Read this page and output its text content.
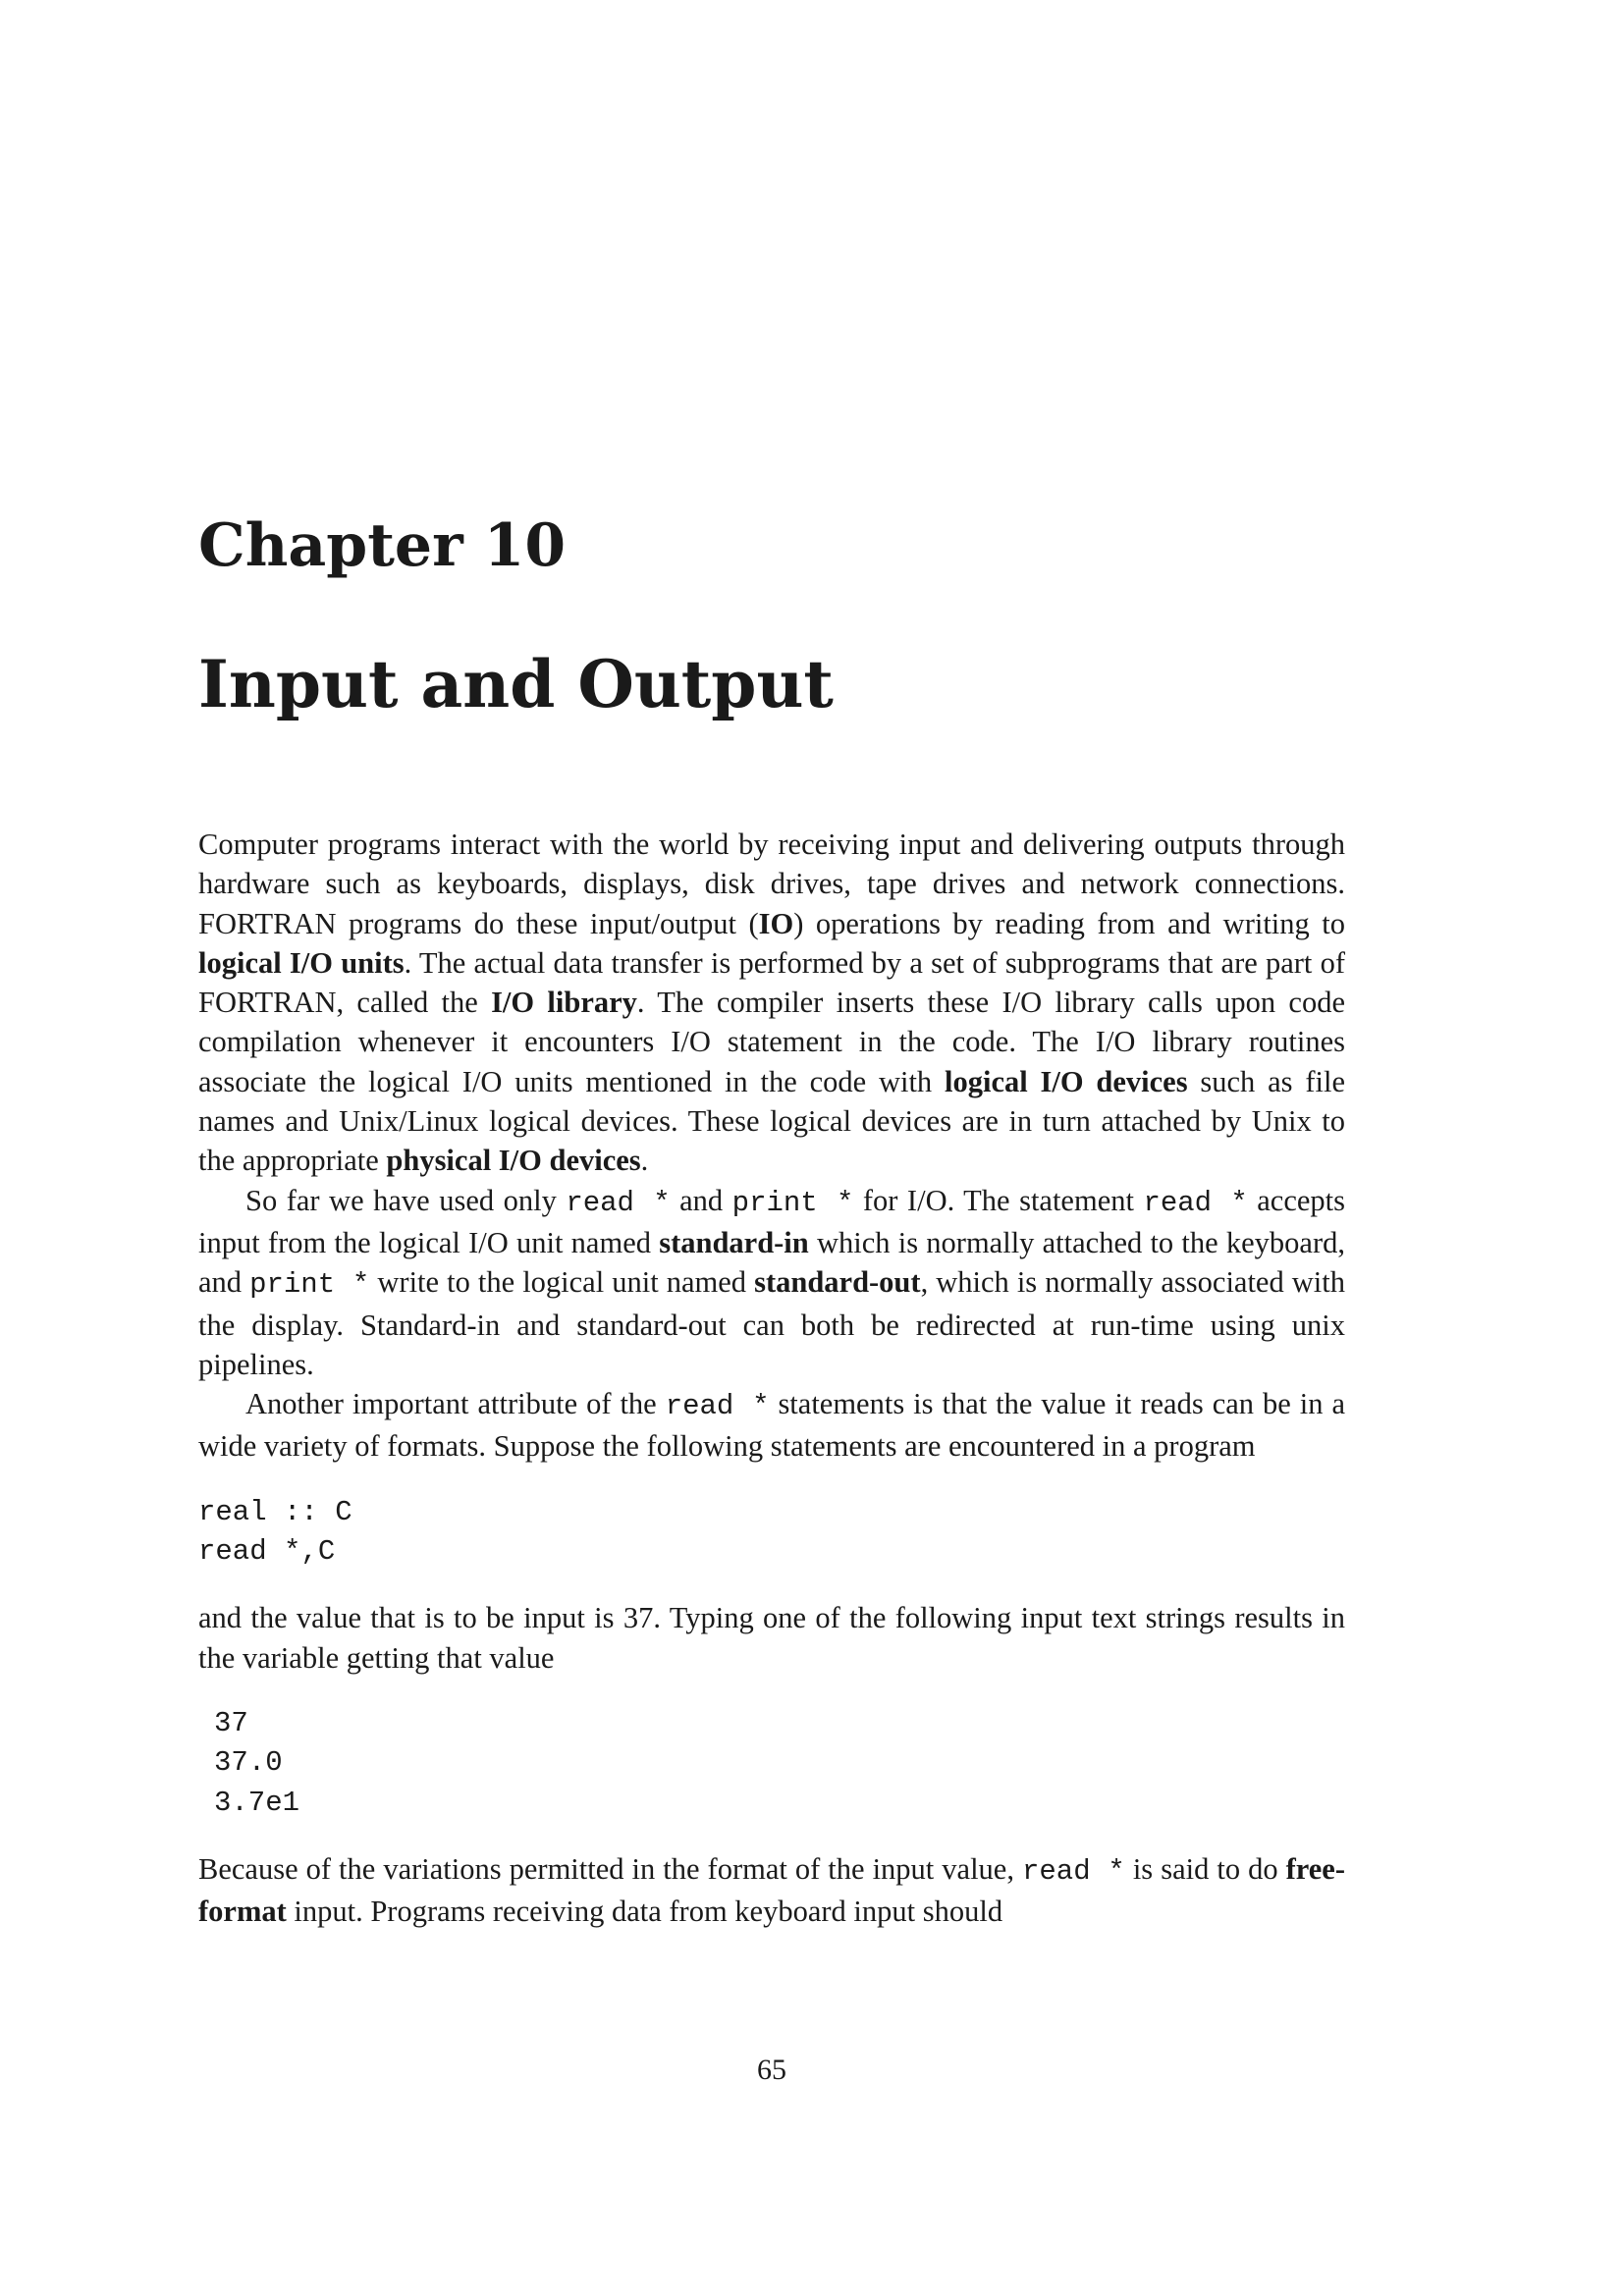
Chapter 10
Input and Output

Computer programs interact with the world by receiving input and delivering outputs through hardware such as keyboards, displays, disk drives, tape drives and network connections. FORTRAN programs do these input/output (IO) operations by reading from and writing to logical I/O units. The actual data transfer is performed by a set of subprograms that are part of FORTRAN, called the I/O library. The compiler inserts these I/O library calls upon code compilation whenever it encounters I/O statement in the code. The I/O library routines associate the logical I/O units mentioned in the code with logical I/O devices such as file names and Unix/Linux logical devices. These logical devices are in turn attached by Unix to the appropriate physical I/O devices.

So far we have used only read * and print * for I/O. The statement read * accepts input from the logical I/O unit named standard-in which is normally attached to the keyboard, and print * write to the logical unit named standard-out, which is normally associated with the display. Standard-in and standard-out can both be redirected at run-time using unix pipelines.

Another important attribute of the read * statements is that the value it reads can be in a wide variety of formats. Suppose the following statements are encountered in a program

real :: C
read *,C

and the value that is to be input is 37. Typing one of the following input text strings results in the variable getting that value

37
37.0
3.7e1

Because of the variations permitted in the format of the input value, read * is said to do free-format input. Programs receiving data from keyboard input should

65
